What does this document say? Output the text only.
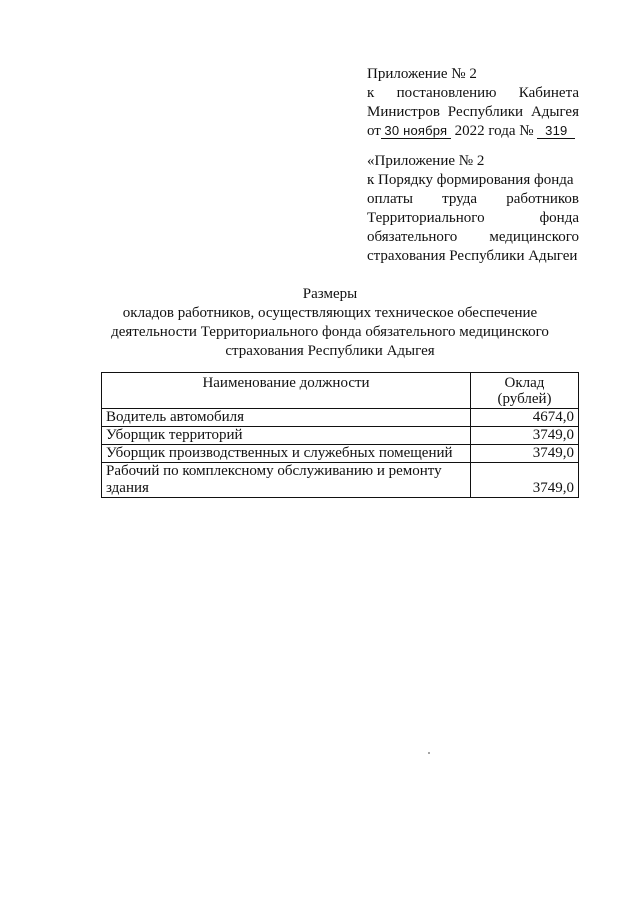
Приложение № 2
к постановлению Кабинета
Министров Республики Адыгея
от 30 ноября 2022 года № 319
«Приложение № 2
к Порядку формирования фонда
оплаты труда работников
Территориального	фонда
обязательного медицинского
страхования Республики Адыгеи
Размеры
окладов работников, осуществляющих техническое обеспечение
деятельности Территориального фонда обязательного медицинского
страхования Республики Адыгея
Наименование должности	Оклад
(рублей)
Водитель автомобиля	4674,0
Уборщик территорий	3749,0
Уборщик производственных и служебных помещений	3749,0
Рабочий по комплексному обслуживанию и ремонту
здания	3749,0
